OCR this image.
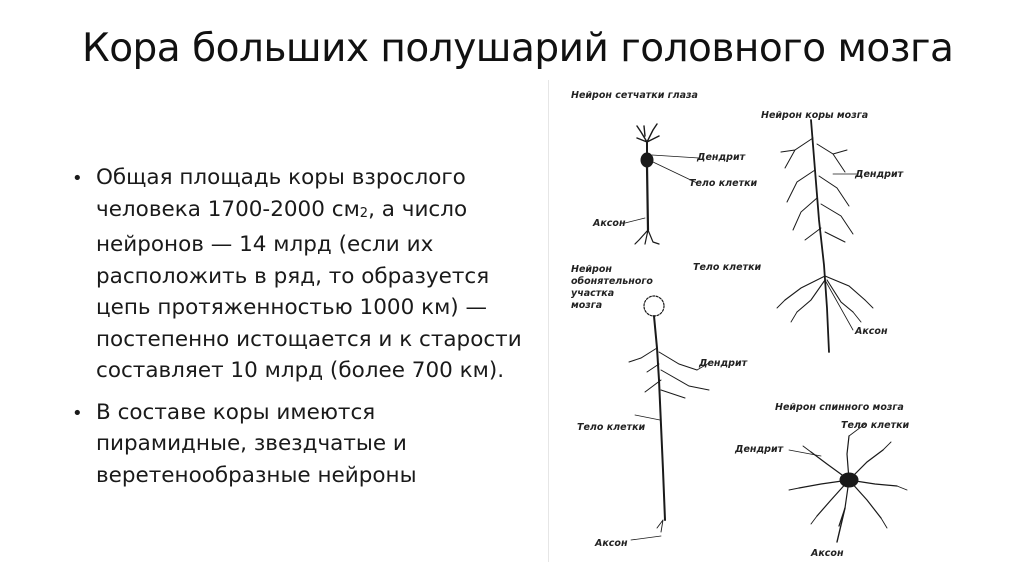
Кора больших полушарий головного мозга
• Общая площадь коры взрослого человека 1700-2000 см2, а число нейронов — 14 млрд (если их расположить в ряд, то образуется цепь протяженностью 1000 км) — постепенно истощается и к старости составляет 10 млрд (более 700 км).
• В составе коры имеются пирамидные, звездчатые и веретенообразные нейроны
Нейрон сетчатки глаза
Нейрон коры мозга
Дендрит
Тело клетки
Аксон
Дендрит
Тело клетки
Аксон
Нейрон
обонятельного
участка
мозга
Дендрит
Тело клетки
Аксон
Нейрон спинного мозга
Тело клетки
Дендрит
Аксон
